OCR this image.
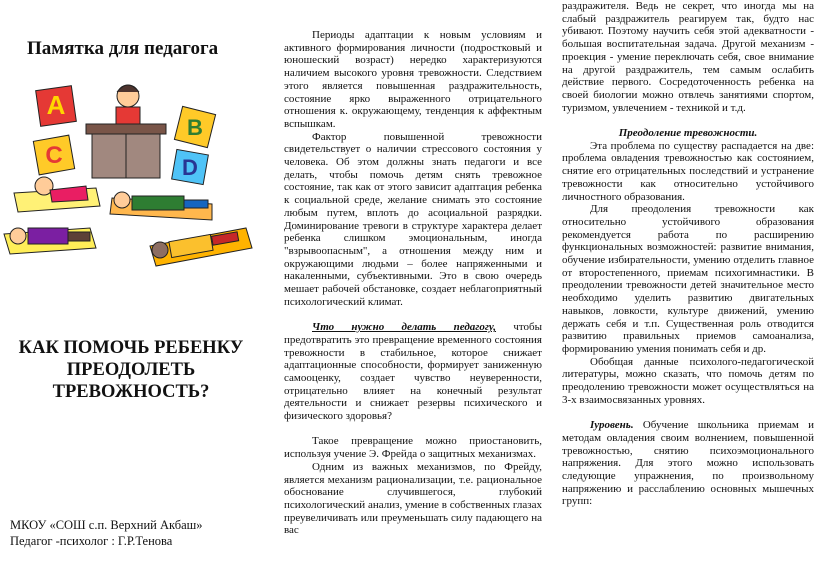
Памятка для педагога
А
С
В
D
КАК ПОМОЧЬ РЕБЕНКУ ПРЕОДОЛЕТЬ ТРЕВОЖНОСТЬ?
МКОУ «СОШ с.п. Верхний Акбаш»
Педагог -психолог : Г.Р.Тенова

Периоды адаптации к новым условиям и активного формирования личности (подростковый и юношеский возраст) нередко характеризуются наличием высокого уровня тревожности. Следствием этого является повышенная раздражительность, состояние ярко выраженного отрицательного отношения к. окружающему, тенденция к аффектным вспышкам.

Фактор повышенной тревожности свидетельствует о наличии стрессового состояния у человека. Об этом должны знать педагоги и все делать, чтобы помочь детям снять тревожное состояние, так как от этого зависит адаптация ребенка к социальной среде, желание снимать это состояние любым путем, вплоть до асоциальной разрядки. Доминирование тревоги в структуре характера делает ребенка слишком эмоциональным, иногда "взрывоопасным", а отношения между ним и окружающими людьми – более напряженными и накаленными, субъективными. Это в свою очередь мешает рабочей обстановке, создает неблагоприятный психологический климат.

Что нужно делать педагогу, чтобы предотвратить это превращение временного состояния тревожности в стабильное, которое снижает адаптационные способности, формирует заниженную самооценку, создает чувство неуверенности, отрицательно влияет на конечный результат деятельности и снижает резервы психического и физического здоровья?

Такое превращение можно приостановить, используя учение Э. Фрейда о защитных механизмах.

Одним из важных механизмов, по Фрейду, является механизм рационализации, т.е. рациональное обоснование случившегося, глубокий психологический анализ, умение в собственных глазах преувеличивать или преуменьшать силу падающего на вас

раздражителя. Ведь не секрет, что иногда мы на слабый раздражитель реагируем так, будто нас убивают. Поэтому научить себя этой адекватности - большая воспитательная задача. Другой механизм - проекция - умение переключать себя, свое внимание на другой раздражитель, тем самым ослабить действие первого. Сосредоточенность ребенка на своей биологии можно отвлечь занятиями спортом, туризмом, увлечением - техникой и т.д.

Преодоление тревожности.

Эта проблема по существу распадается на две: проблема овладения тревожностью как состоянием, снятие его отрицательных последствий и устранение тревожности как относительно устойчивого личностного образования.

Для преодоления тревожности как относительно устойчивого образования рекомендуется работа по расширению функциональных возможностей: развитие внимания, обучение избирательности, умению отделить главное от второстепенного, приемам психогимнастики. В преодолении тревожности детей значительное место необходимо уделить развитию двигательных навыков, ловкости, культуре движений, умению держать себя и т.п. Существенная роль отводится развитию правильных приемов самоанализа, формированию умения понимать себя и др.

Обобщая данные психолого-педагогической литературы, можно сказать, что помочь детям по преодолению тревожности может осуществляться на 3-х взаимосвязанных уровнях.

Iуровень. Обучение школьника приемам и методам овладения своим волнением, повышенной тревожностью, снятию психоэмоционального напряжения. Для этого можно использовать следующие упражнения, по произвольному напряжению и расслаблению основных мышечных групп:
